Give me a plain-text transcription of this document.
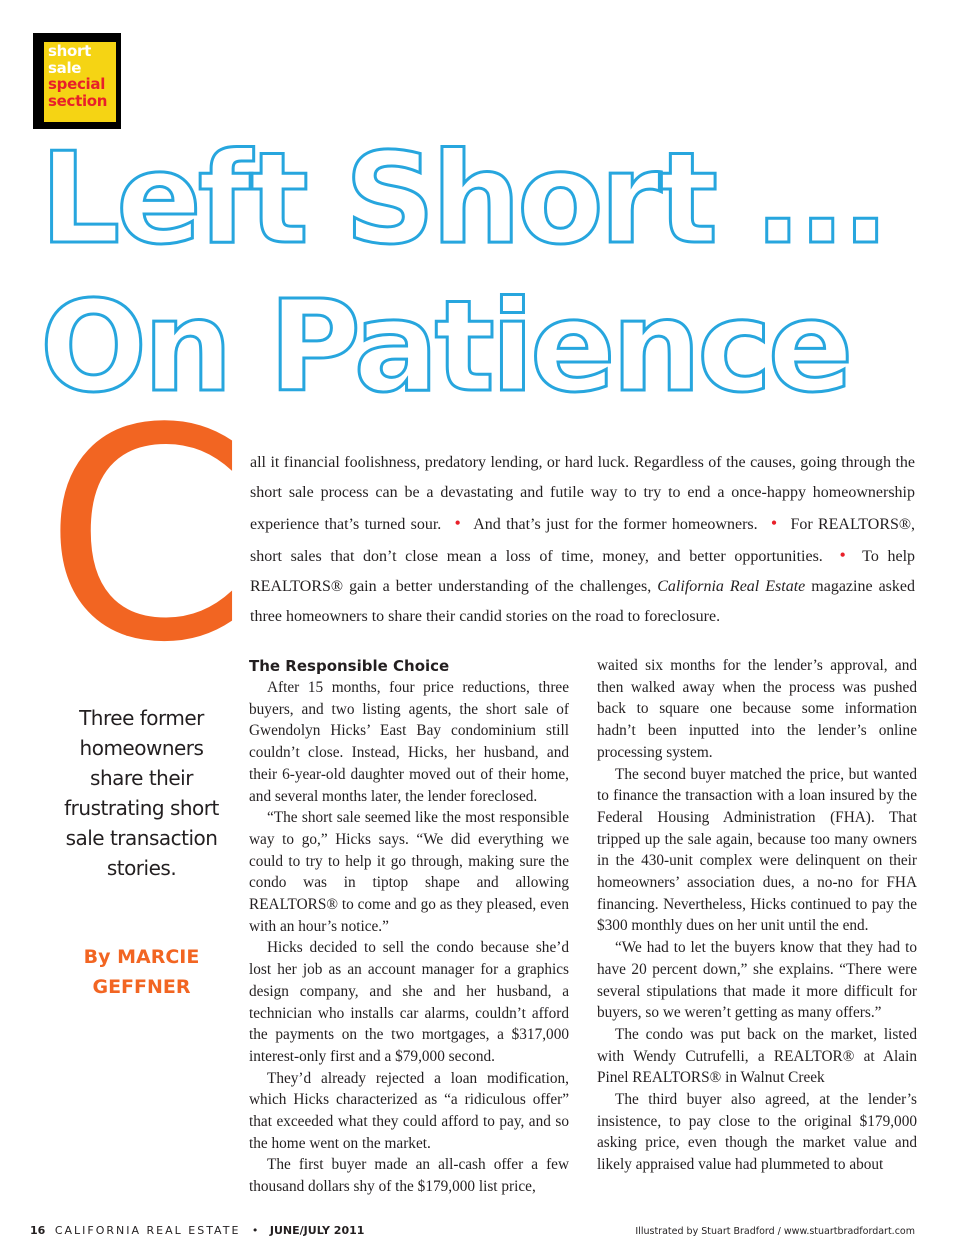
short
sale
special
section
Left Short ...
On Patience
C all it financial foolishness, predatory lending, or hard luck. Regardless of the causes, going through the short sale process can be a devastating and futile way to try to end a once-happy homeownership experience that’s turned sour. • And that’s just for the former homeowners. • For REALTORS®, short sales that don’t close mean a loss of time, money, and better opportunities. • To help REALTORS® gain a better understanding of the challenges, California Real Estate magazine asked three homeowners to share their candid stories on the road to foreclosure.

Three former homeowners share their frustrating short sale transaction stories.
By MARCIE GEFFNER
The Responsible Choice

After 15 months, four price reductions, three buyers, and two listing agents, the short sale of Gwendolyn Hicks’ East Bay condominium still couldn’t close. Instead, Hicks, her husband, and their 6-year-old daughter moved out of their home, and several months later, the lender foreclosed.

“The short sale seemed like the most responsible way to go,” Hicks says. “We did everything we could to try to help it go through, making sure the condo was in tiptop shape and allowing REALTORS® to come and go as they pleased, even with an hour’s notice.”

Hicks decided to sell the condo because she’d lost her job as an account manager for a graphics design company, and she and her husband, a technician who installs car alarms, couldn’t afford the payments on the two mortgages, a $317,000 interest-only first and a $79,000 second.

They’d already rejected a loan modification, which Hicks characterized as “a ridiculous offer” that exceeded what they could afford to pay, and so the home went on the market.

The first buyer made an all-cash offer a few thousand dollars shy of the $179,000 list price,

waited six months for the lender’s approval, and then walked away when the process was pushed back to square one because some information hadn’t been inputted into the lender’s online processing system.

The second buyer matched the price, but wanted to finance the transaction with a loan insured by the Federal Housing Administration (FHA). That tripped up the sale again, because too many owners in the 430-unit complex were delinquent on their homeowners’ association dues, a no-no for FHA financing. Nevertheless, Hicks continued to pay the $300 monthly dues on her unit until the end.

“We had to let the buyers know that they had to have 20 percent down,” she explains. “There were several stipulations that made it more difficult for buyers, so we weren’t getting as many offers.”

The condo was put back on the market, listed with Wendy Cutrufelli, a REALTOR® at Alain Pinel REALTORS® in Walnut Creek

The third buyer also agreed, at the lender’s insistence, to pay close to the original $179,000 asking price, even though the market value and likely appraised value had plummeted to about

16 CALIFORNIA REAL ESTATE • JUNE/JULY 2011	Illustrated by Stuart Bradford / www.stuartbradfordart.com
